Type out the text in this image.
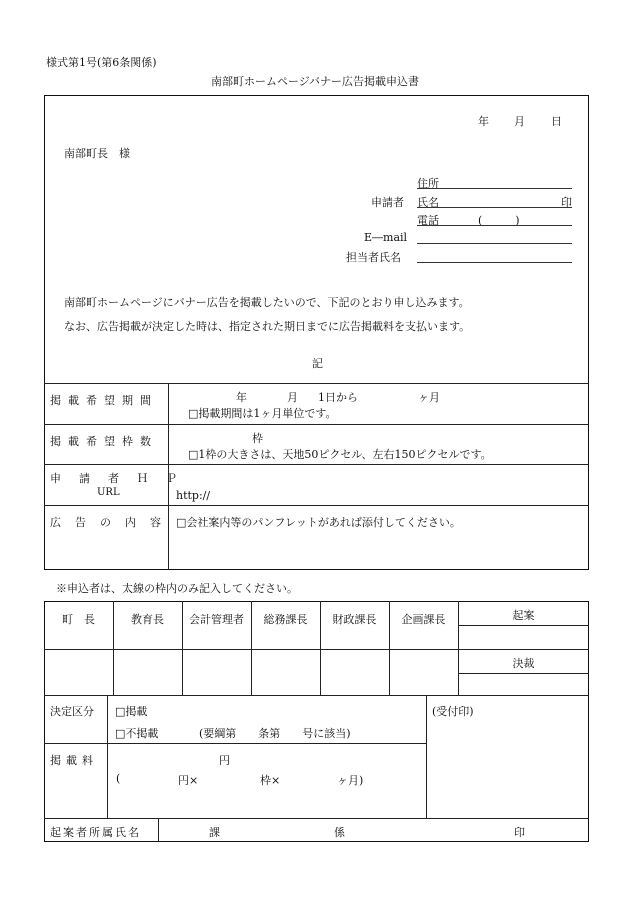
様式第1号(第6条関係)
南部町ホームページバナー広告掲載申込書
年 月 日
南部町長　様
住所
申請者 氏名	印
電話	(　　　)
E―mail
担当者氏名
南部町ホームページにバナー広告を掲載したいので、下記のとおり申し込みます。
なお、広告掲載が決定した時は、指定された期日までに広告掲載料を支払います。
記
掲載希望期間	年	月 1日から	ヶ月
□掲載期間は1ヶ月単位です。
掲載希望枠数	枠
□1枠の大きさは、天地50ピクセル、左右150ピクセルです。
申請者ＨＰ
URL	http://
広告の内容 □会社案内等のパンフレットがあれば添付してください。
※申込者は、太線の枠内のみ記入してください。
町　長	教育長	会計管理者	総務課長	財政課長	企画課長	起案
決裁
決定区分 □掲載
□不掲載	(要綱第　　条第　　号に該当)
(受付印)
掲載料	円
(	円×	枠×	ヶ月)
起案者所属氏名	課	係	印
